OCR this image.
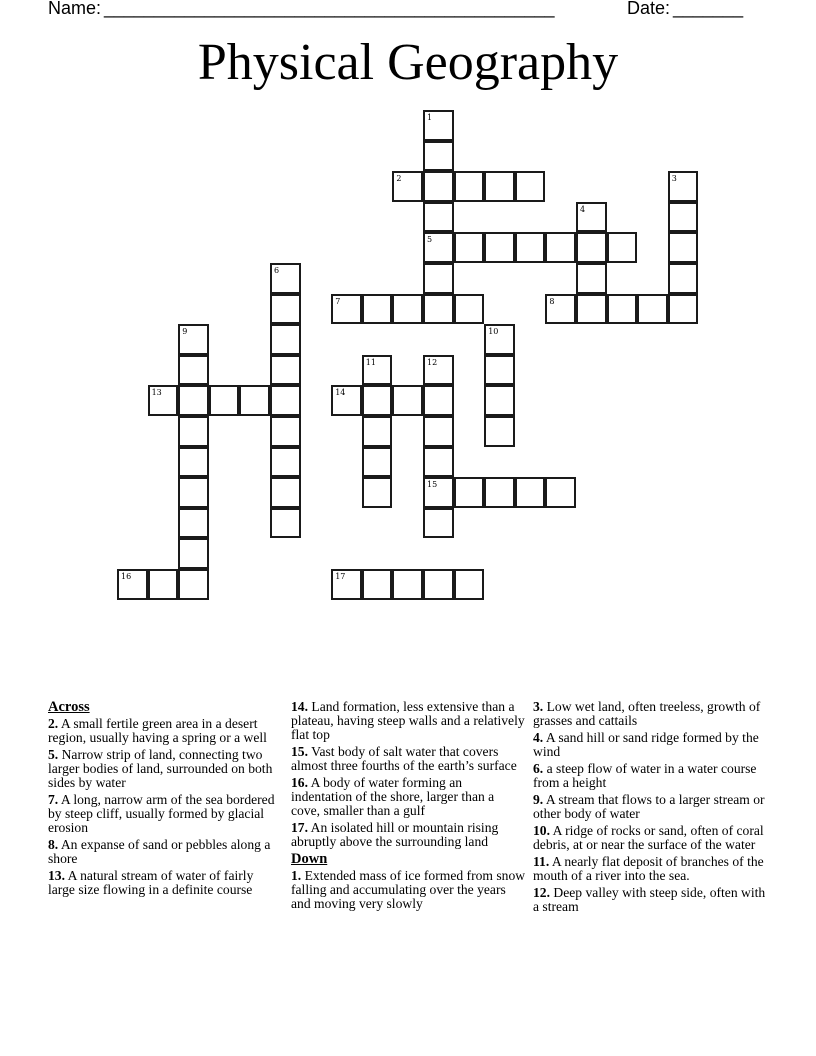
Name: _____________________________________________	Date: _______
Physical Geography
1
5
2	3
4
6
7	8
9	10
11	12
15
13	14
16	17
Across
2. A small fertile green area in a desert region, usually having a spring or a well
5. Narrow strip of land, connecting two larger bodies of land, surrounded on both sides by water
7. A long, narrow arm of the sea bordered by steep cliff, usually formed by glacial erosion
8. An expanse of sand or pebbles along a shore
13. A natural stream of water of fairly large size flowing in a definite course
14. Land formation, less extensive than a plateau, having steep walls and a relatively flat top
15. Vast body of salt water that covers almost three fourths of the earth’s surface
16. A body of water forming an indentation of the shore, larger than a cove, smaller than a gulf
17. An isolated hill or mountain rising abruptly above the surrounding land
Down
1. Extended mass of ice formed from snow falling and accumulating over the years and moving very slowly
3. Low wet land, often treeless, growth of grasses and cattails
4. A sand hill or sand ridge formed by the wind
6. a steep flow of water in a water course from a height
9. A stream that flows to a larger stream or other body of water
10. A ridge of rocks or sand, often of coral debris, at or near the surface of the water
11. A nearly flat deposit of branches of the mouth of a river into the sea.
12. Deep valley with steep side, often with a stream
